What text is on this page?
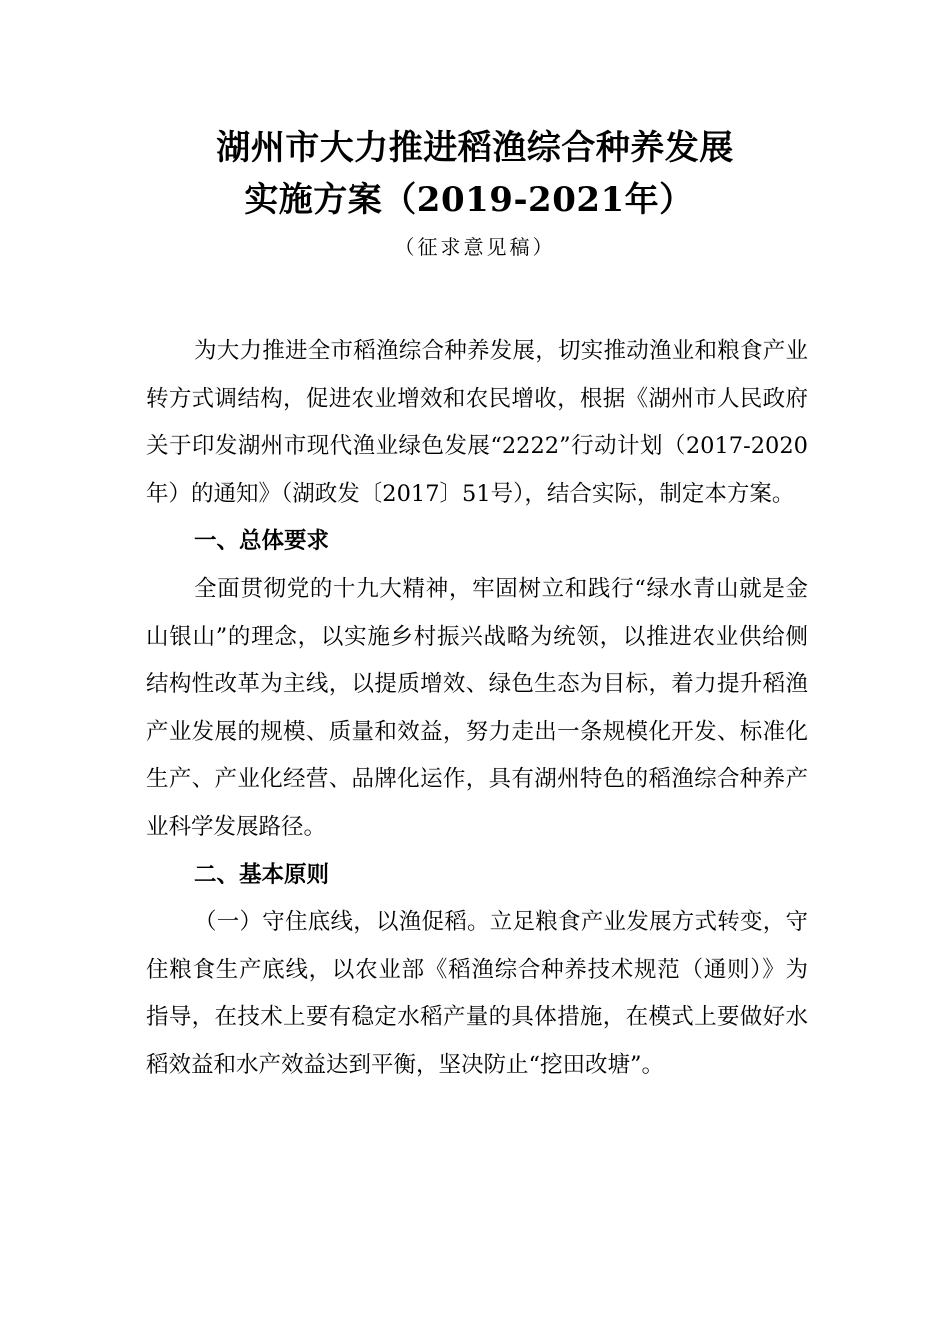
湖州市大力推进稻渔综合种养发展
实施方案（2019-2021年）
（征求意见稿）

为大力推进全市稻渔综合种养发展，切实推动渔业和粮食产业转方式调结构，促进农业增效和农民增收，根据《湖州市人民政府关于印发湖州市现代渔业绿色发展“2222”行动计划（2017-2020年）的通知》（湖政发〔2017〕51号），结合实际，制定本方案。

一、总体要求

全面贯彻党的十九大精神，牢固树立和践行“绿水青山就是金山银山”的理念，以实施乡村振兴战略为统领，以推进农业供给侧结构性改革为主线，以提质增效、绿色生态为目标，着力提升稻渔产业发展的规模、质量和效益，努力走出一条规模化开发、标准化生产、产业化经营、品牌化运作，具有湖州特色的稻渔综合种养产业科学发展路径。

二、基本原则

（一）守住底线，以渔促稻。立足粮食产业发展方式转变，守住粮食生产底线，以农业部《稻渔综合种养技术规范（通则）》为指导，在技术上要有稳定水稻产量的具体措施，在模式上要做好水稻效益和水产效益达到平衡，坚决防止“挖田改塘”。
